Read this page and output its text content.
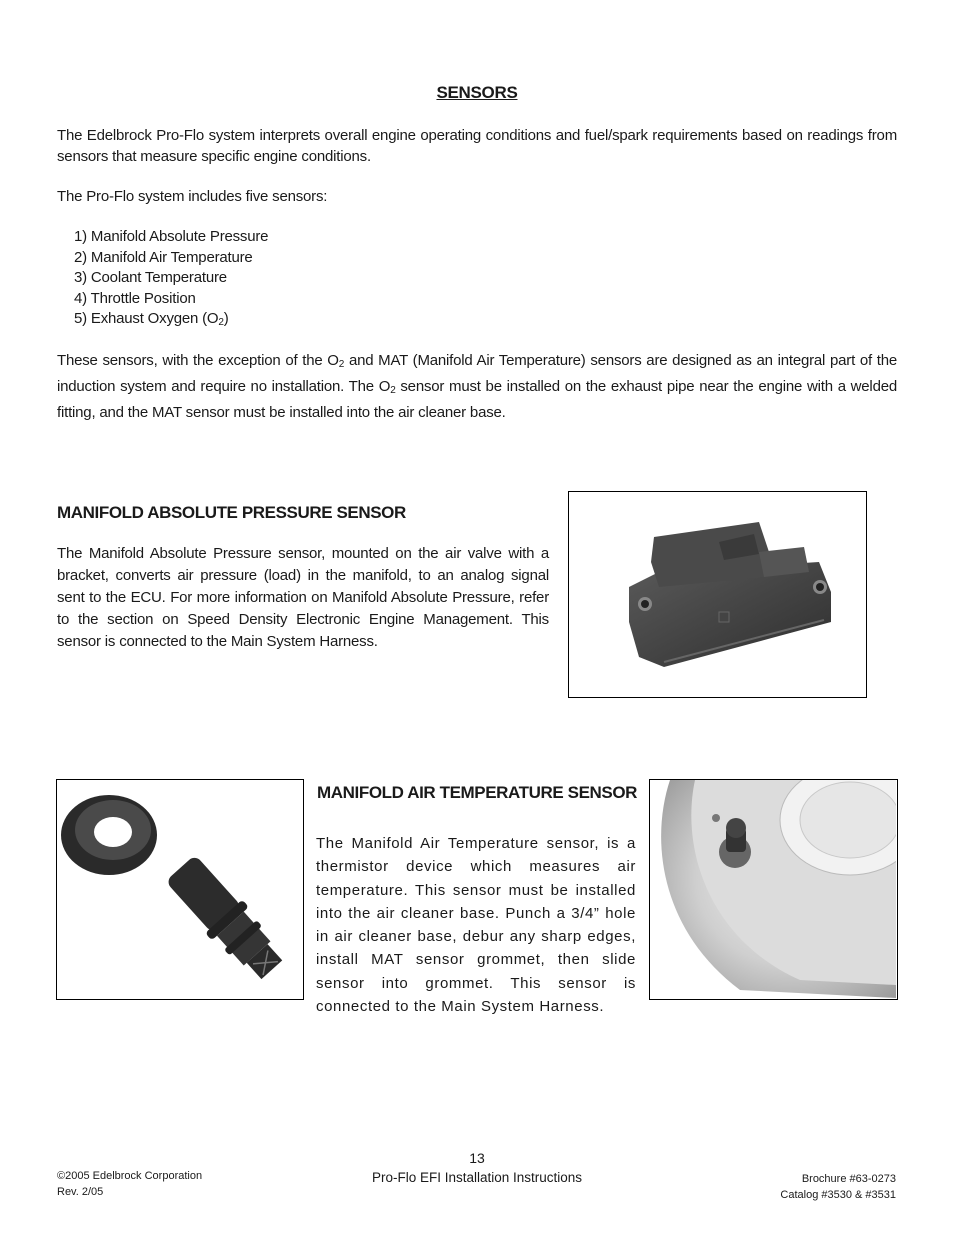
SENSORS
The Edelbrock Pro-Flo system interprets overall engine operating conditions and fuel/spark requirements based on readings from sensors that measure specific engine conditions.
The Pro-Flo system includes five sensors:
1) Manifold Absolute Pressure
2) Manifold Air Temperature
3) Coolant Temperature
4) Throttle Position
5) Exhaust Oxygen $(O_2)$
These sensors, with the exception of the $O_2$ and MAT (Manifold Air Temperature) sensors are designed as an integral part of the induction system and require no installation. The $O_2$ sensor must be installed on the exhaust pipe near the engine with a welded fitting, and the MAT sensor must be installed into the air cleaner base.
MANIFOLD ABSOLUTE PRESSURE SENSOR
The Manifold Absolute Pressure sensor, mounted on the air valve with a bracket, converts air pressure (load) in the manifold, to an analog signal sent to the ECU. For more information on Manifold Absolute Pressure, refer to the section on Speed Density Electronic Engine Management. This sensor is connected to the Main System Harness.
MANIFOLD AIR TEMPERATURE SENSOR
The Manifold Air Temperature sensor, is a thermistor device which measures air temperature. This sensor must be installed into the air cleaner base. Punch a 3/4” hole in air cleaner base, debur any sharp edges, install MAT sensor grommet, then slide sensor into grommet. This sensor is connected to the Main System Harness.
13
Pro-Flo EFI Installation Instructions
©2005 Edelbrock Corporation
Rev. 2/05
Brochure #63-0273
Catalog #3530 & #3531
